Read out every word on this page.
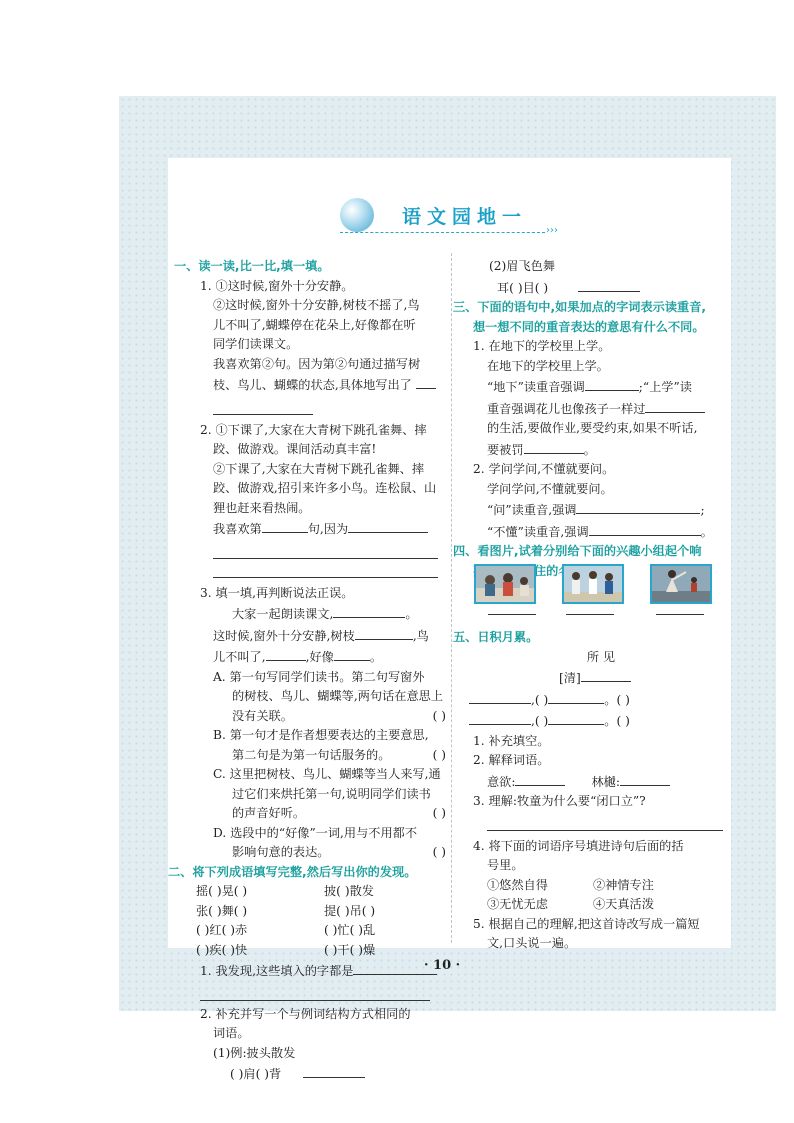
语文园地一
›››

一、读一读,比一比,填一填。

1. ①这时候,窗外十分安静。

②这时候,窗外十分安静,树枝不摇了,鸟

儿不叫了,蝴蝶停在花朵上,好像都在听

同学们读课文。

我喜欢第②句。因为第②句通过描写树

枝、鸟儿、蝴蝶的状态,具体地写出了

2. ①下课了,大家在大青树下跳孔雀舞、摔

跤、做游戏。课间活动真丰富!

②下课了,大家在大青树下跳孔雀舞、摔

跤、做游戏,招引来许多小鸟。连松鼠、山

狸也赶来看热闹。

我喜欢第	句,因为

3. 填一填,再判断说法正误。

大家一起朗读课文,	。

这时候,窗外十分安静,树枝	,鸟

儿不叫了,	,好像	。

A. 第一句写同学们读书。第二句写窗外

的树枝、鸟儿、蝴蝶等,两句话在意思上

没有关联。	( )

B. 第一句才是作者想要表达的主要意思,

第二句是为第一句话服务的。	( )

C. 这里把树枝、鸟儿、蝴蝶等当人来写,通

过它们来烘托第一句,说明同学们读书

的声音好听。	( )

D. 选段中的“好像”一词,用与不用都不

影响句意的表达。	( )

二、将下列成语填写完整,然后写出你的发现。

摇( )晃( )	披( )散发

张( )舞( )	提( )吊( )

( )红( )赤	( )忙( )乱

( )疾( )快	( )干( )燥

1. 我发现,这些填入的字都是

2. 补充并写一个与例词结构方式相同的

词语。

(1)例:披头散发

( )肩( )背

(2)眉飞色舞

耳( )目( )

三、下面的语句中,如果加点的字词表示读重音,

想一想不同的重音表达的意思有什么不同。

1. 在地下的学校里上学。

在地下的学校里上学。

“地下”读重音强调	;“上学”读

重音强调花儿也像孩子一样过

的生活,要做作业,要受约束,如果不听话,

要被罚	。

2. 学问学问,不懂就要问。

学问学问,不懂就要问。

“问”读重音,强调	;

“不懂”读重音,强调	。

四、看图片,试着分别给下面的兴趣小组起个响

五、日积月累。

所 见

[清]

,( )	。( )

,( )	。( )

1. 补充填空。

2. 解释词语。

意欲:	林樾:

3. 理解:牧童为什么要“闭口立”?

4. 将下面的词语序号填进诗句后面的括

号里。

①悠然自得	②神情专注

③无忧无虑	④天真活泼

5. 根据自己的理解,把这首诗改写成一篇短

文,口头说一遍。

· 10 ·
